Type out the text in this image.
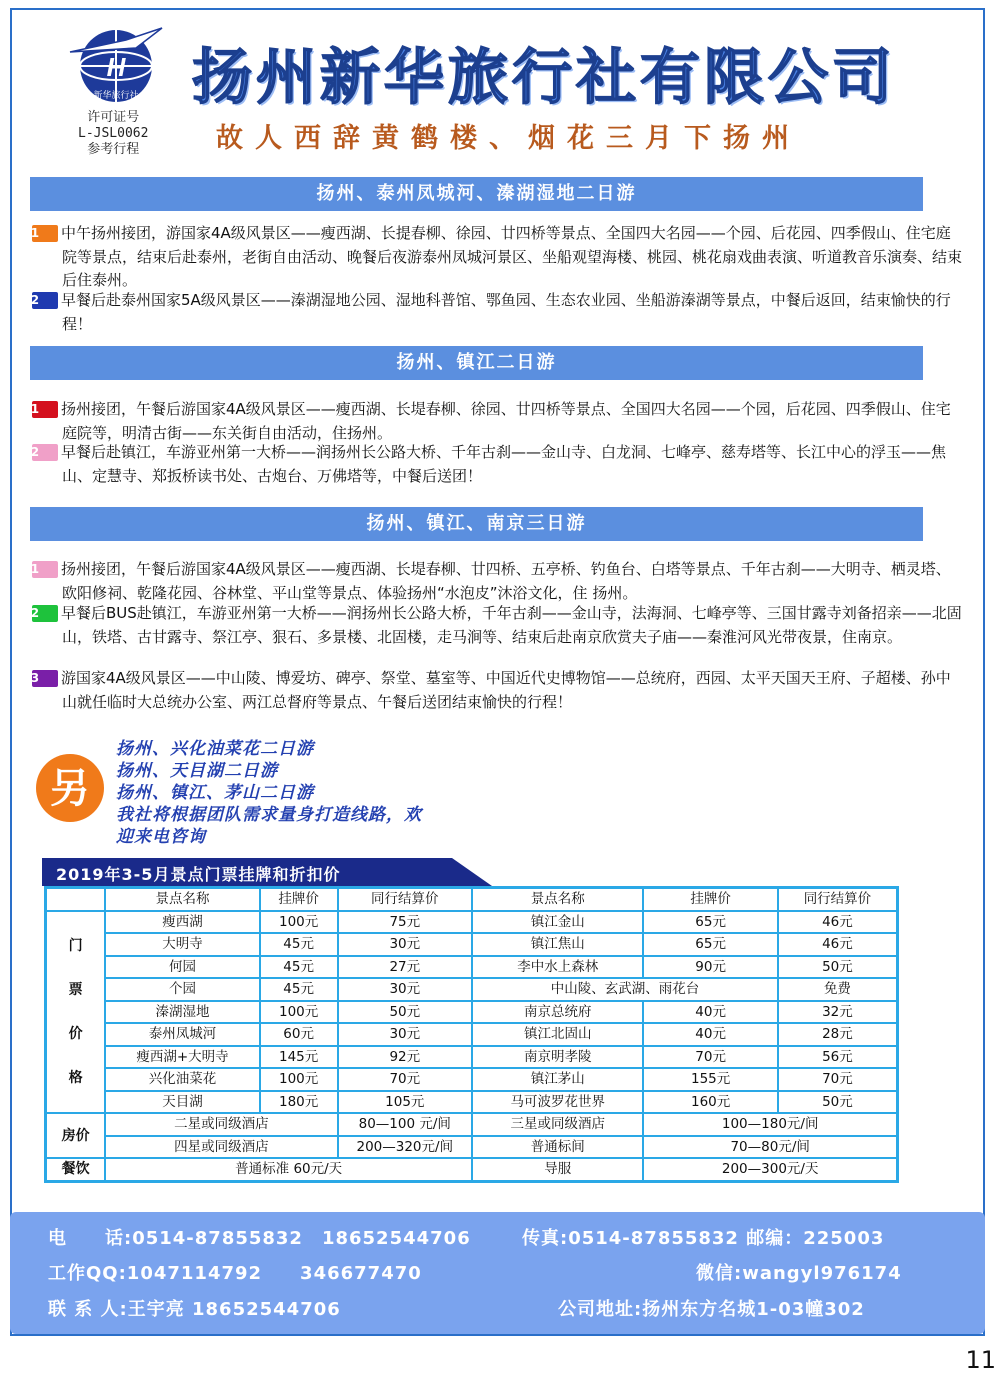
H
新华旅行社
许可证号
L-JSL0062
参考行程
扬州新华旅行社有限公司
故人西辞黄鹤楼、烟花三月下扬州
扬州、泰州凤城河、溱湖湿地二日游
D1 中午扬州接团，游国家4A级风景区——瘦西湖、长提春柳、徐园、廿四桥等景点、全国四大名园——个园、后花园、四季假山、住宅庭院等景点，结束后赴泰州，老街自由活动、晚餐后夜游泰州凤城河景区、坐船观望海楼、桃园、桃花扇戏曲表演、听道教音乐演奏、结束后住泰州。
D2 早餐后赴泰州国家5A级风景区——溱湖湿地公园、湿地科普馆、鄂鱼园、生态农业园、坐船游溱湖等景点，中餐后返回，结束愉快的行程！
扬州、镇江二日游
D1 扬州接团，午餐后游国家4A级风景区——瘦西湖、长堤春柳、徐园、廿四桥等景点、全国四大名园——个园，后花园、四季假山、住宅庭院等，明清古街——东关街自由活动，住扬州。
D2 早餐后赴镇江，车游亚州第一大桥——润扬州长公路大桥、千年古刹——金山寺、白龙洞、七峰亭、慈寿塔等、长江中心的浮玉——焦山、定慧寺、郑扳桥读书处、古炮台、万佛塔等，中餐后送团！
扬州、镇江、南京三日游
D1 扬州接团，午餐后游国家4A级风景区——瘦西湖、长堤春柳、廿四桥、五亭桥、钓鱼台、白塔等景点、千年古刹——大明寺、栖灵塔、欧阳修祠、乾隆花园、谷林堂、平山堂等景点、体验扬州“水泡皮”沐浴文化，住 扬州。
D2 早餐后BUS赴镇江，车游亚州第一大桥——润扬州长公路大桥，千年古刹——金山寺，法海洞、七峰亭等、三国甘露寺刘备招亲——北固山，铁塔、古甘露寺、祭江亭、狠石、多景楼、北固楼，走马涧等、结束后赴南京欣赏夫子庙——秦淮河风光带夜景，住南京。
D3 游国家4A级风景区——中山陵、博爱坊、碑亭、祭堂、墓室等、中国近代史博物馆——总统府，西园、太平天国天王府、子超楼、孙中山就任临时大总统办公室、两江总督府等景点、午餐后送团结束愉快的行程！
另
扬州、兴化油菜花二日游
扬州、天目湖二日游
扬州、镇江、茅山二日游
我社将根据团队需求量身打造线路，欢
迎来电咨询
2019年3-5月景点门票挂牌和折扣价
	景点名称	挂牌价	同行结算价	景点名称	挂牌价	同行结算价

门
票
价
格	瘦西湖	100元	75元	镇江金山	65元	46元
	大明寺	45元	30元	镇江焦山	65元	46元
	何园	45元	27元	李中水上森林	90元	50元
	个园	45元	30元	中山陵、玄武湖、雨花台		免费
	溱湖湿地	100元	50元	南京总统府	40元	32元
	泰州凤城河	60元	30元	镇江北固山	40元	28元
	瘦西湖+大明寺	145元	92元	南京明孝陵	70元	56元
	兴化油菜花	100元	70元	镇江茅山	155元	70元
	天目湖	180元	105元	马可波罗花世界	160元	50元
房价	二星或同级酒店		80—100 元/间	三星或同级酒店	100—180元/间	
	四星或同级酒店		200—320元/间	普通标间	70—80元/间	
餐饮	普通标准 60元/天			导服	200—300元/天	
电　　话:0514-87855832　18652544706	传真:0514-87855832 邮编：225003
工作QQ:1047114792　　346677470	微信:wangyl976174
联 系 人:王宇亮 18652544706	公司地址:扬州东方名城1-03幢302
11
